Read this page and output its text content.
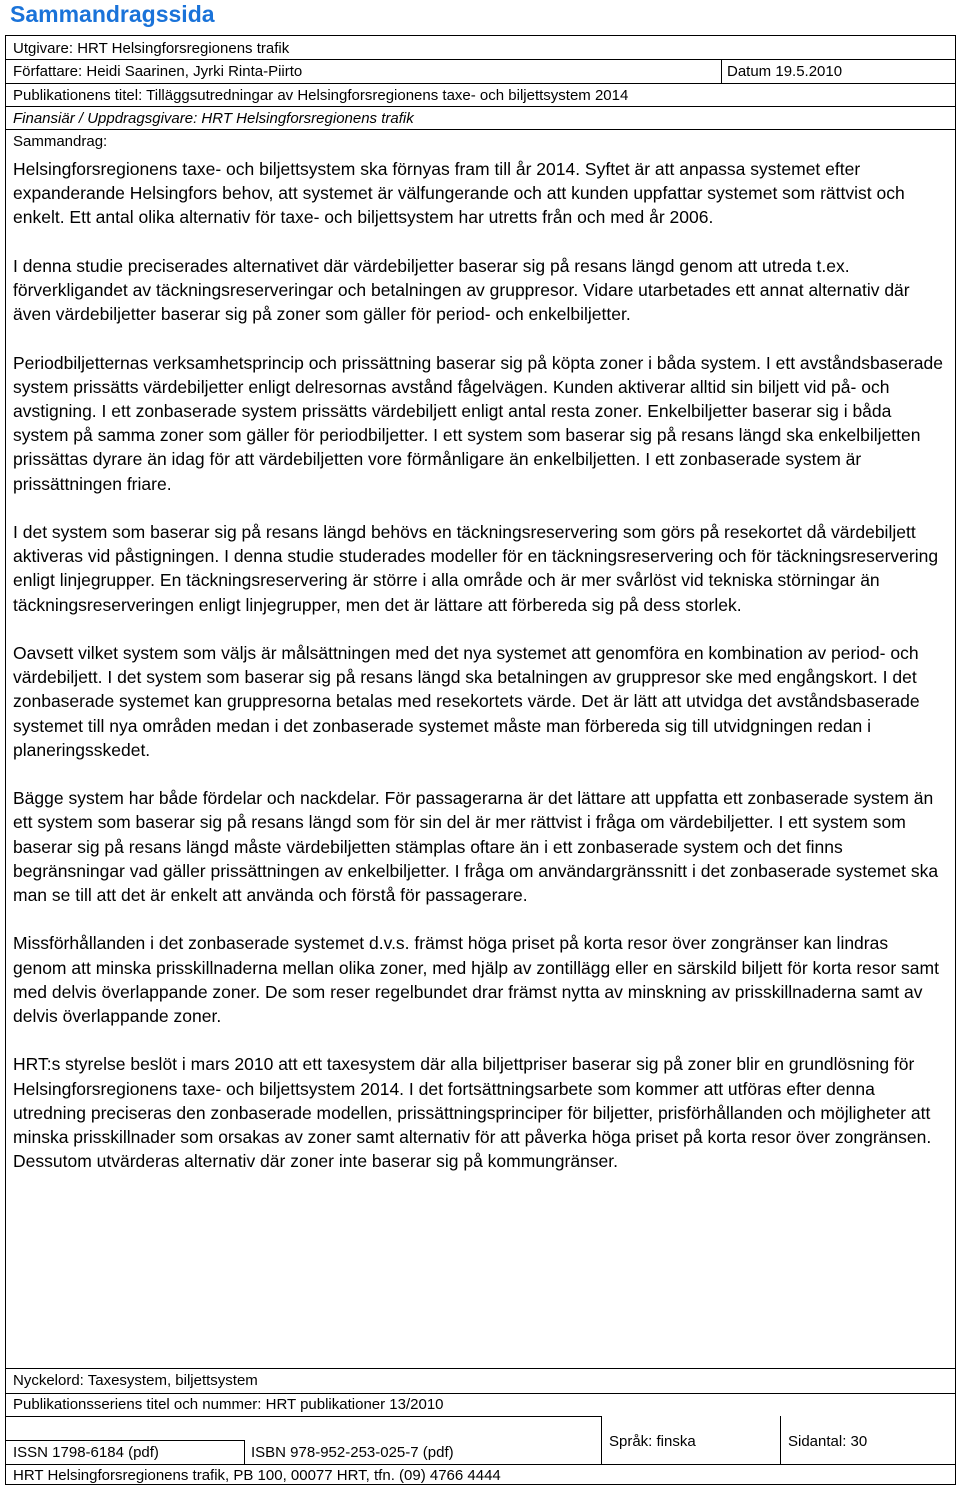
Sammandragssida
Utgivare: HRT Helsingforsregionens trafik
Författare: Heidi Saarinen, Jyrki Rinta-Piirto	Datum 19.5.2010
Publikationens titel: Tilläggsutredningar av Helsingforsregionens taxe- och biljettsystem 2014
Finansiär / Uppdragsgivare: HRT Helsingforsregionens trafik
Sammandrag:

Helsingforsregionens taxe- och biljettsystem ska förnyas fram till år 2014. Syftet är att anpassa systemet efter expanderande Helsingfors behov, att systemet är välfungerande och att kunden uppfattar systemet som rättvist och enkelt. Ett antal olika alternativ för taxe- och biljettsystem har utretts från och med år 2006.

I denna studie preciserades alternativet där värdebiljetter baserar sig på resans längd genom att utreda t.ex. förverkligandet av täckningsreserveringar och betalningen av gruppresor. Vidare utarbetades ett annat alternativ där även värdebiljetter baserar sig på zoner som gäller för period- och enkelbiljetter.

Periodbiljetternas verksamhetsprincip och prissättning baserar sig på köpta zoner i båda system. I ett avståndsbaserade system prissätts värdebiljetter enligt delresornas avstånd fågelvägen. Kunden aktiverar alltid sin biljett vid på- och avstigning. I ett zonbaserade system prissätts värdebiljett enligt antal resta zoner. Enkelbiljetter baserar sig i båda system på samma zoner som gäller för periodbiljetter. I ett system som baserar sig på resans längd ska enkelbiljetten prissättas dyrare än idag för att värdebiljetten vore förmånligare än enkelbiljetten. I ett zonbaserade system är prissättningen friare.

I det system som baserar sig på resans längd behövs en täckningsreservering som görs på resekortet då värdebiljett aktiveras vid påstigningen. I denna studie studerades modeller för en täckningsreservering och för täckningsreservering enligt linjegrupper. En täckningsreservering är större i alla område och är mer svårlöst vid tekniska störningar än täckningsreserveringen enligt linjegrupper, men det är lättare att förbereda sig på dess storlek.

Oavsett vilket system som väljs är målsättningen med det nya systemet att genomföra en kombination av period- och värdebiljett. I det system som baserar sig på resans längd ska betalningen av gruppresor ske med engångskort. I det zonbaserade systemet kan gruppresorna betalas med resekortets värde. Det är lätt att utvidga det avståndsbaserade systemet till nya områden medan i det zonbaserade systemet måste man förbereda sig till utvidgningen redan i planeringsskedet.

Bägge system har både fördelar och nackdelar. För passagerarna är det lättare att uppfatta ett zonbaserade system än ett system som baserar sig på resans längd som för sin del är mer rättvist i fråga om värdebiljetter. I ett system som baserar sig på resans längd måste värdebiljetten stämplas oftare än i ett zonbaserade system och det finns begränsningar vad gäller prissättningen av enkelbiljetter. I fråga om användargränssnitt i det zonbaserade systemet ska man se till att det är enkelt att använda och förstå för passagerare.

Missförhållanden i det zonbaserade systemet d.v.s. främst höga priset på korta resor över zongränser kan lindras genom att minska prisskillnaderna mellan olika zoner, med hjälp av zontillägg eller en särskild biljett för korta resor samt med delvis överlappande zoner. De som reser regelbundet drar främst nytta av minskning av prisskillnaderna samt av delvis överlappande zoner.

HRT:s styrelse beslöt i mars 2010 att ett taxesystem där alla biljettpriser baserar sig på zoner blir en grundlösning för Helsingforsregionens taxe- och biljettsystem 2014. I det fortsättningsarbete som kommer att utföras efter denna utredning preciseras den zonbaserade modellen, prissättningsprinciper för biljetter, prisförhållanden och möjligheter att minska prisskillnader som orsakas av zoner samt alternativ för att påverka höga priset på korta resor över zongränsen. Dessutom utvärderas alternativ där zoner inte baserar sig på kommungränser.

Nyckelord: Taxesystem, biljettsystem
Publikationsseriens titel och nummer: HRT publikationer 13/2010
ISSN 1798-6184 (pdf)	ISBN 978-952-253-025-7 (pdf)
Språk: finska	Sidantal: 30
HRT Helsingforsregionens trafik, PB 100, 00077 HRT, tfn. (09) 4766 4444
